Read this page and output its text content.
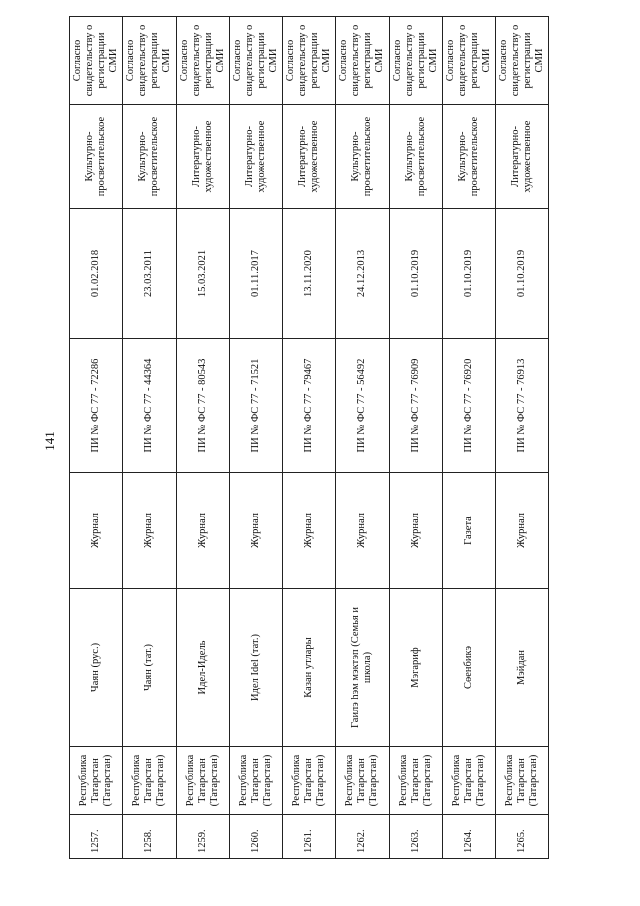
141
1257.	Республика Татарстан (Татарстан)	Чаян (рус.)	Журнал	ПИ № ФС 77 - 72286	01.02.2018	Культурно-просветительское	Согласно свидетельству о регистрации СМИ
1258.	Республика Татарстан (Татарстан)	Чаян (тат.)	Журнал	ПИ № ФС 77 - 44364	23.03.2011	Культурно-просветительское	Согласно свидетельству о регистрации СМИ
1259.	Республика Татарстан (Татарстан)	Идел-Идель	Журнал	ПИ № ФС 77 - 80543	15.03.2021	Литературно-художественное	Согласно свидетельству о регистрации СМИ
1260.	Республика Татарстан (Татарстан)	Идел Idel (тат.)	Журнал	ПИ № ФС 77 - 71521	01.11.2017	Литературно-художественное	Согласно свидетельству о регистрации СМИ
1261.	Республика Татарстан (Татарстан)	Казан утлары	Журнал	ПИ № ФС 77 - 79467	13.11.2020	Литературно-художественное	Согласно свидетельству о регистрации СМИ
1262.	Республика Татарстан (Татарстан)	Гаилэ hэм мэктэп (Семья и школа)	Журнал	ПИ № ФС 77 - 56492	24.12.2013	Культурно-просветительское	Согласно свидетельству о регистрации СМИ
1263.	Республика Татарстан (Татарстан)	Мэгариф	Журнал	ПИ № ФС 77 - 76909	01.10.2019	Культурно-просветительское	Согласно свидетельству о регистрации СМИ
1264.	Республика Татарстан (Татарстан)	Сөенбикэ	Газета	ПИ № ФС 77 - 76920	01.10.2019	Культурно-просветительское	Согласно свидетельству о регистрации СМИ
1265.	Республика Татарстан (Татарстан)	Мэйдан	Журнал	ПИ № ФС 77 - 76913	01.10.2019	Литературно-художественное	Согласно свидетельству о регистрации СМИ
